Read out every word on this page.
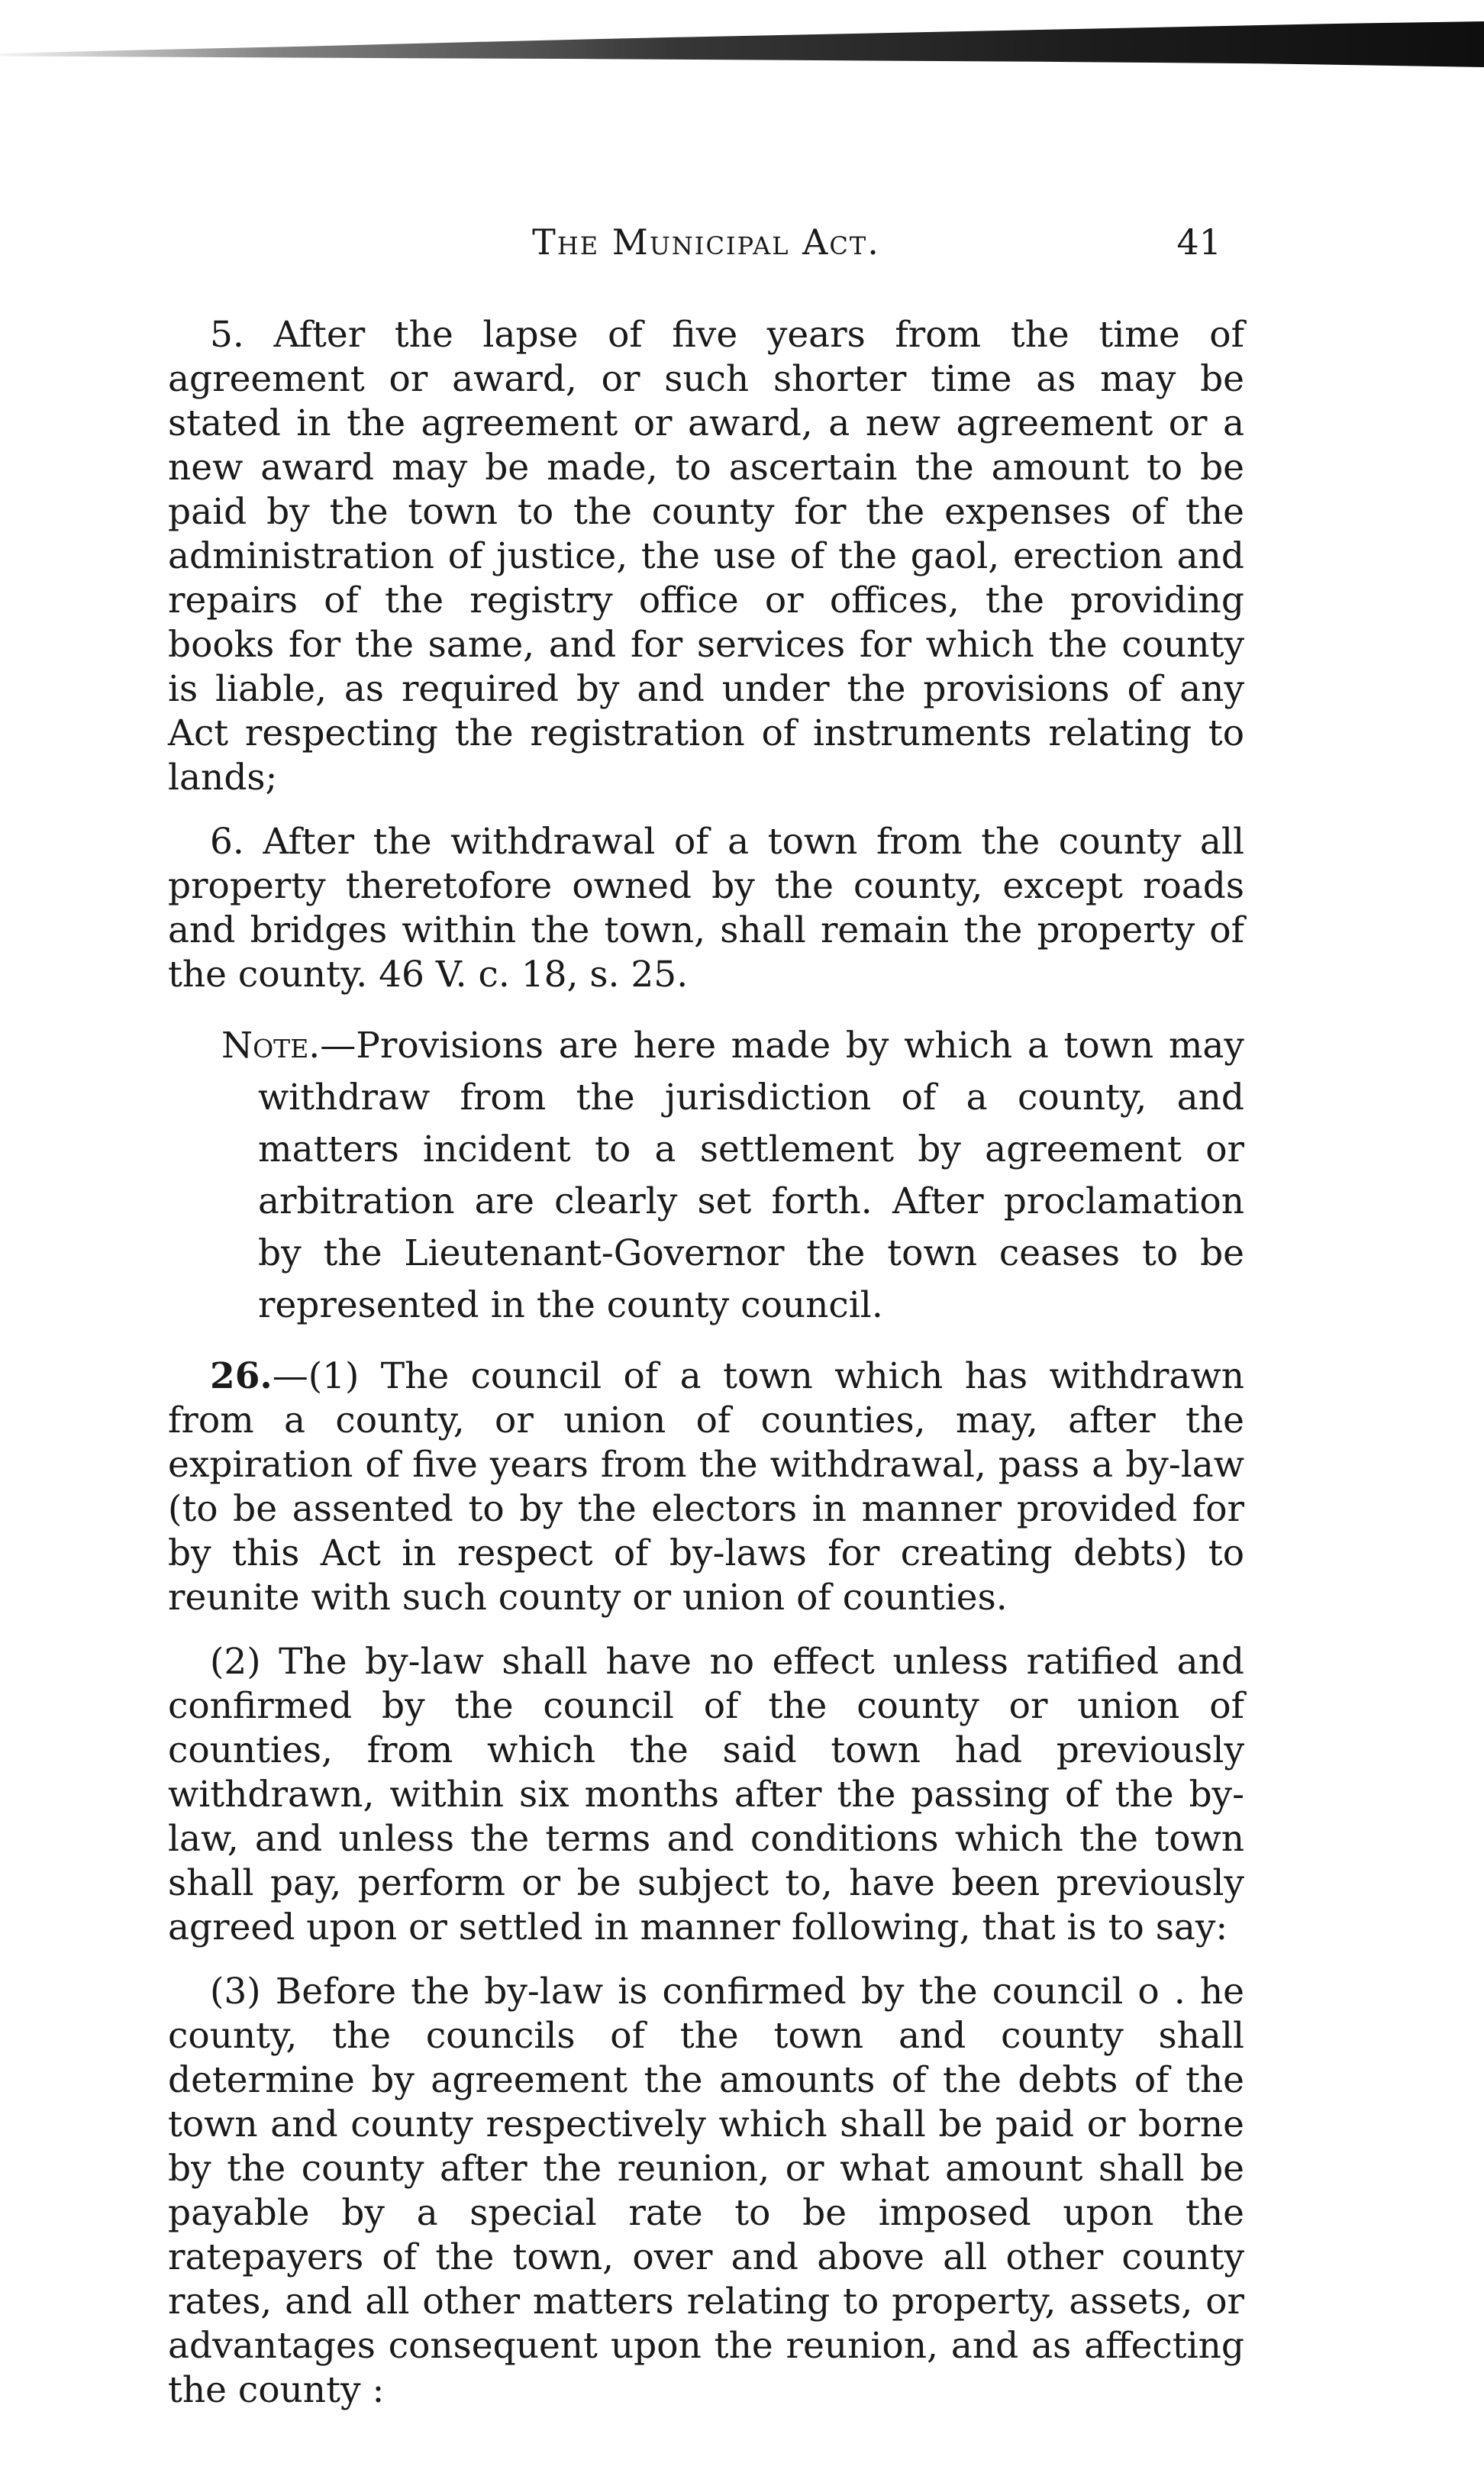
The Municipal Act.	41

5. After the lapse of five years from the time of agreement or award, or such shorter time as may be stated in the agreement or award, a new agreement or a new award may be made, to ascertain the amount to be paid by the town to the county for the expenses of the administration of justice, the use of the gaol, erection and repairs of the registry office or offices, the providing books for the same, and for services for which the county is liable, as required by and under the provisions of any Act respecting the registration of instruments relating to lands;

6. After the withdrawal of a town from the county all property theretofore owned by the county, except roads and bridges within the town, shall remain the property of the county. 46 V. c. 18, s. 25.

Note.—Provisions are here made by which a town may withdraw from the jurisdiction of a county, and matters incident to a settlement by agreement or arbitration are clearly set forth. After proclamation by the Lieutenant-Governor the town ceases to be represented in the county council.

26.—(1) The council of a town which has withdrawn from a county, or union of counties, may, after the expiration of five years from the withdrawal, pass a by-law (to be assented to by the electors in manner provided for by this Act in respect of by-laws for creating debts) to reunite with such county or union of counties.

(2) The by-law shall have no effect unless ratified and confirmed by the council of the county or union of counties, from which the said town had previously withdrawn, within six months after the passing of the by-law, and unless the terms and conditions which the town shall pay, perform or be subject to, have been previously agreed upon or settled in manner following, that is to say:

(3) Before the by-law is confirmed by the council o . he county, the councils of the town and county shall determine by agreement the amounts of the debts of the town and county respectively which shall be paid or borne by the county after the reunion, or what amount shall be payable by a special rate to be imposed upon the ratepayers of the town, over and above all other county rates, and all other matters relating to property, assets, or advantages consequent upon the reunion, and as affecting the county :
